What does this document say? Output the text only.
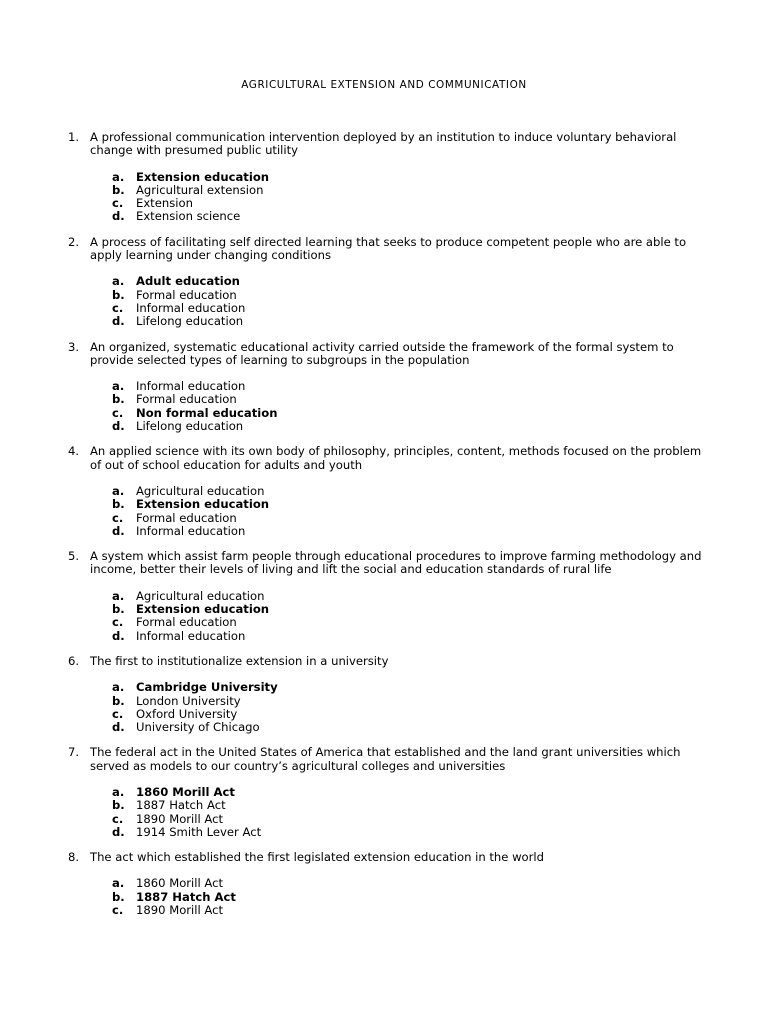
AGRICULTURAL EXTENSION AND COMMUNICATION
1. A professional communication intervention deployed by an institution to induce voluntary behavioral change with presumed public utility
a.	Extension education
b. Agricultural extension
c.	Extension
d. Extension science
2. A process of facilitating self directed learning that seeks to produce competent people who are able to apply learning under changing conditions
a.	Adult education
b. Formal education
c.	Informal education
d. Lifelong education
3. An organized, systematic educational activity carried outside the framework of the formal system to provide selected types of learning to subgroups in the population
a.	Informal education
b. Formal education
c.	Non formal education
d. Lifelong education
4. An applied science with its own body of philosophy, principles, content, methods focused on the problem of out of school education for adults and youth
a.	Agricultural education
b. Extension education
c.	Formal education
d. Informal education
5. A system which assist farm people through educational procedures to improve farming methodology and income, better their levels of living and lift the social and education standards of rural life
a.	Agricultural education
b. Extension education
c.	Formal education
d. Informal education
6. The first to institutionalize extension in a university
a.	Cambridge University
b. London University
c.	Oxford University
d. University of Chicago
7. The federal act in the United States of America that established and the land grant universities which served as models to our country’s agricultural colleges and universities
a.	1860 Morill Act
b. 1887 Hatch Act
c.	1890 Morill Act
d. 1914 Smith Lever Act
8. The act which established the first legislated extension education in the world
a.	1860 Morill Act
b. 1887 Hatch Act
c.	1890 Morill Act
